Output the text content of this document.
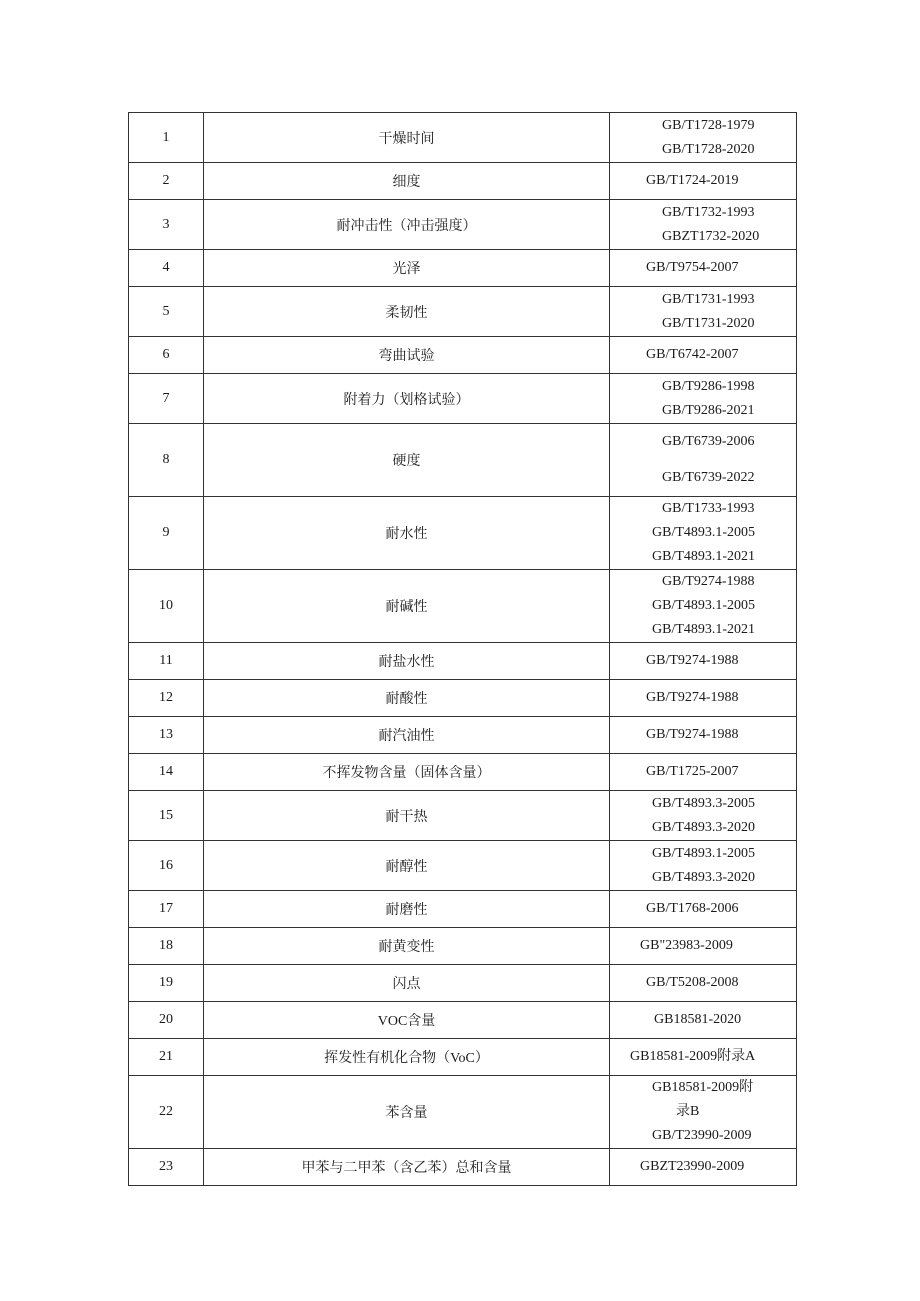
1	干燥时间	GB/T1728-1979
GB/T1728-2020

2	细度	GB/T1724-2019

3	耐冲击性（冲击强度）	GB/T1732-1993
GBZT1732-2020

4	光泽	GB/T9754-2007

5	柔韧性	GB/T1731-1993
GB/T1731-2020

6	弯曲试验	GB/T6742-2007

7	附着力（划格试验）	GB/T9286-1998
GB/T9286-2021

8	硬度	GB/T6739-2006
GB/T6739-2022

9	耐水性	GB/T1733-1993
GB/T4893.1-2005
GB/T4893.1-2021

10	耐碱性	GB/T9274-1988
GB/T4893.1-2005
GB/T4893.1-2021

11	耐盐水性	GB/T9274-1988

12	耐酸性	GB/T9274-1988

13	耐汽油性	GB/T9274-1988

14	不挥发物含量（固体含量）	GB/T1725-2007

15	耐干热	GB/T4893.3-2005
GB/T4893.3-2020

16	耐醇性	GB/T4893.1-2005
GB/T4893.3-2020

17	耐磨性	GB/T1768-2006

18	耐黄变性	GB"23983-2009

19	闪点	GB/T5208-2008

20	VOC含量	GB18581-2020

21	挥发性有机化合物（VoC）	GB18581-2009附录A

22	苯含量	GB18581-2009附
录B
GB/T23990-2009

23	甲苯与二甲苯（含乙苯）总和含量	GBZT23990-2009
